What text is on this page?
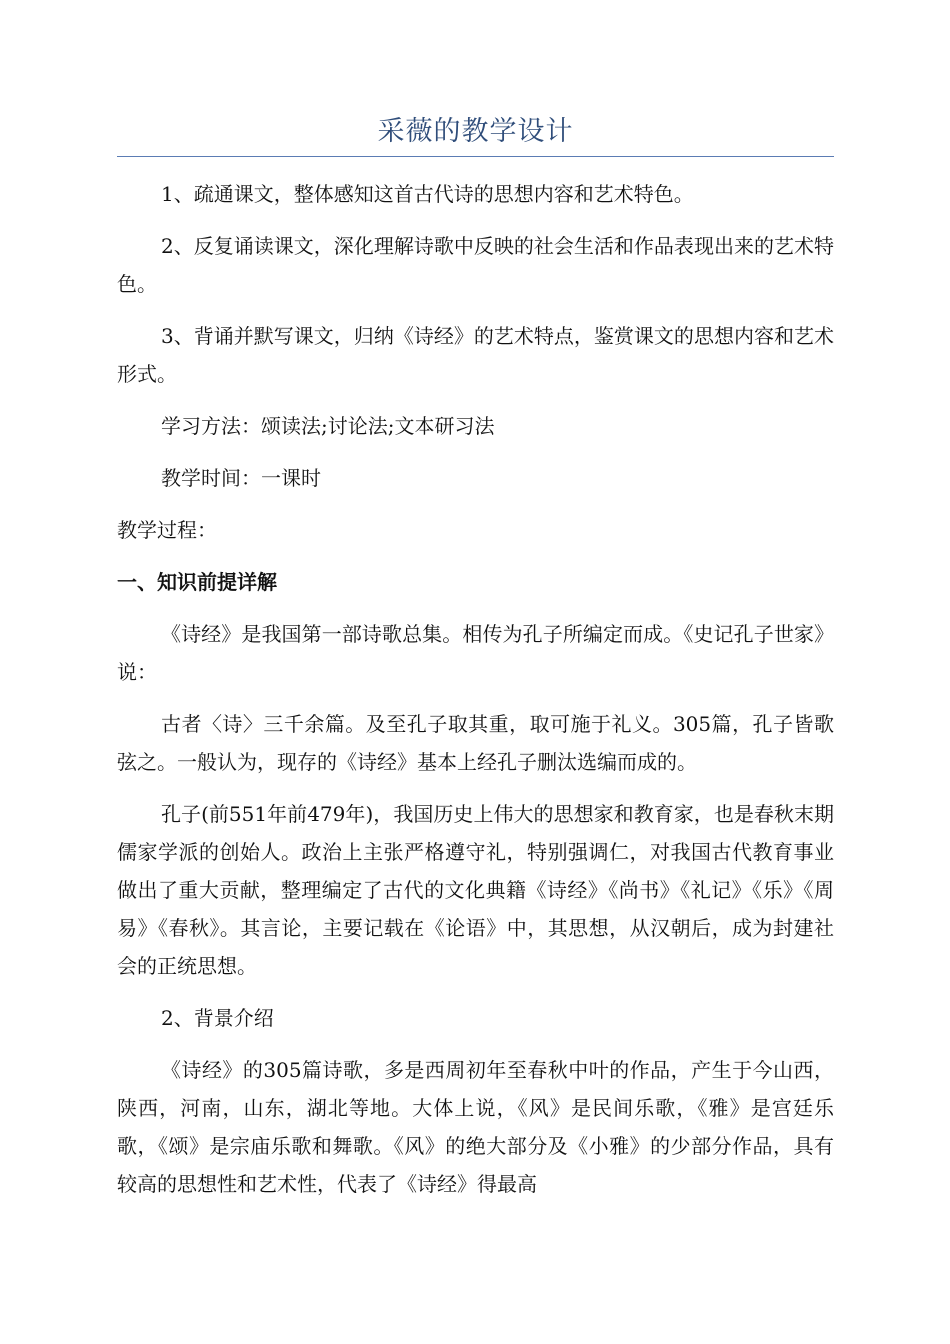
采薇的教学设计

1、疏通课文，整体感知这首古代诗的思想内容和艺术特色。

2、反复诵读课文，深化理解诗歌中反映的社会生活和作品表现出来的艺术特色。

3、背诵并默写课文，归纳《诗经》的艺术特点，鉴赏课文的思想内容和艺术形式。

学习方法：颂读法;讨论法;文本研习法

教学时间：一课时

教学过程：

一、知识前提详解

《诗经》是我国第一部诗歌总集。相传为孔子所编定而成。《史记孔子世家》说：

古者〈诗〉三千余篇。及至孔子取其重，取可施于礼义。305篇，孔子皆歌弦之。一般认为，现存的《诗经》基本上经孔子删汰选编而成的。

孔子(前551年前479年)，我国历史上伟大的思想家和教育家，也是春秋末期儒家学派的创始人。政治上主张严格遵守礼，特别强调仁，对我国古代教育事业做出了重大贡献，整理编定了古代的文化典籍《诗经》《尚书》《礼记》《乐》《周易》《春秋》。其言论，主要记载在《论语》中，其思想，从汉朝后，成为封建社会的正统思想。

2、背景介绍

《诗经》的305篇诗歌，多是西周初年至春秋中叶的作品，产生于今山西，陕西，河南，山东，湖北等地。大体上说，《风》是民间乐歌，《雅》是宫廷乐歌，《颂》是宗庙乐歌和舞歌。《风》的绝大部分及《小雅》的少部分作品，具有较高的思想性和艺术性，代表了《诗经》得最高
